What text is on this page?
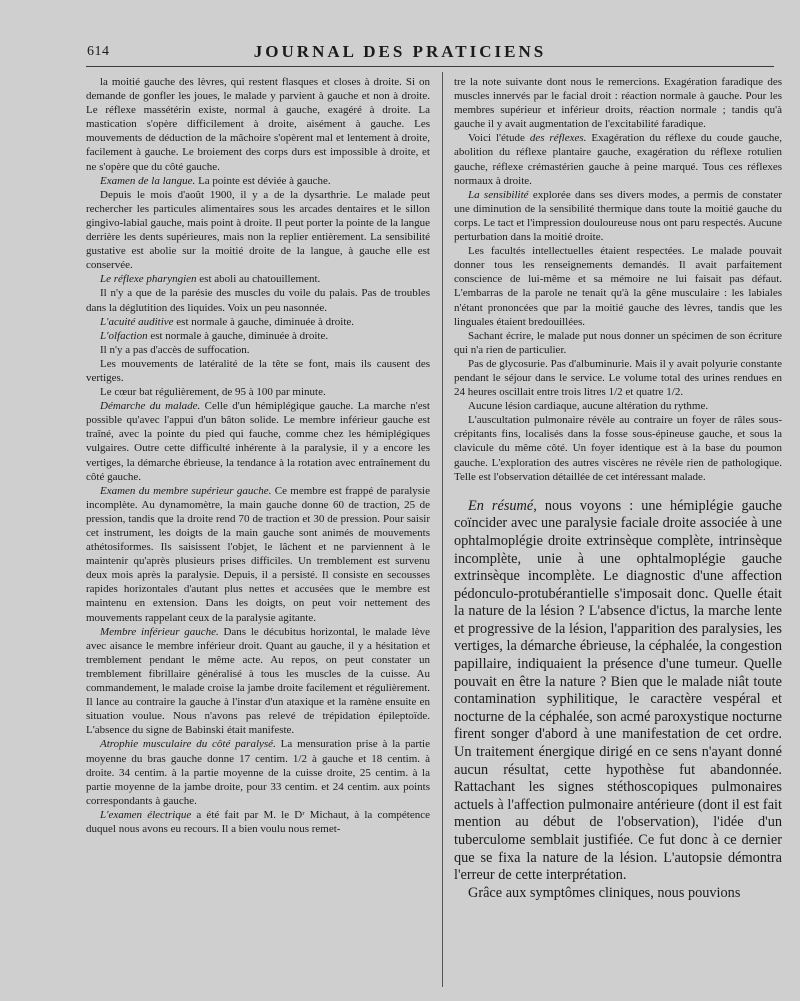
614	JOURNAL DES PRATICIENS

la moitié gauche des lèvres, qui restent flasques et closes à droite. Si on demande de gonfler les joues, le malade y parvient à gauche et non à droite. Le réflexe massétérin existe, normal à gauche, exagéré à droite. La mastication s'opère difficilement à droite, aisément à gauche. Les mouvements de déduction de la mâchoire s'opèrent mal et lentement à droite, facilement à gauche. Le broiement des corps durs est impossible à droite, et ne s'opère que du côté gauche.

Examen de la langue. La pointe est déviée à gauche.

Depuis le mois d'août 1900, il y a de la dysarthrie. Le malade peut rechercher les particules alimentaires sous les arcades dentaires et le sillon gingivo-labial gauche, mais point à droite. Il peut porter la pointe de la langue derrière les dents supérieures, mais non la replier entièrement. La sensibilité gustative est abolie sur la moitié droite de la langue, à gauche elle est conservée.

Le réflexe pharyngien est aboli au chatouillement.

Il n'y a que de la parésie des muscles du voile du palais. Pas de troubles dans la déglutition des liquides. Voix un peu nasonnée.

L'acuité auditive est normale à gauche, diminuée à droite.

L'olfaction est normale à gauche, diminuée à droite.

Il n'y a pas d'accès de suffocation.

Les mouvements de latéralité de la tête se font, mais ils causent des vertiges.

Le cœur bat régulièrement, de 95 à 100 par minute.

Démarche du malade. Celle d'un hémiplégique gauche. La marche n'est possible qu'avec l'appui d'un bâton solide. Le membre inférieur gauche est traîné, avec la pointe du pied qui fauche, comme chez les hémiplégiques vulgaires. Outre cette difficulté inhérente à la paralysie, il y a encore les vertiges, la démarche ébrieuse, la tendance à la rotation avec entraînement du côté gauche.

Examen du membre supérieur gauche. Ce membre est frappé de paralysie incomplète. Au dynamomètre, la main gauche donne 60 de traction, 25 de pression, tandis que la droite rend 70 de traction et 30 de pression. Pour saisir cet instrument, les doigts de la main gauche sont animés de mouvements athétosiformes. Ils saisissent l'objet, le lâchent et ne parviennent à le maintenir qu'après plusieurs prises difficiles. Un tremblement est survenu deux mois après la paralysie. Depuis, il a persisté. Il consiste en secousses rapides horizontales d'autant plus nettes et accusées que le membre est maintenu en extension. Dans les doigts, on peut voir nettement des mouvements rappelant ceux de la paralysie agitante.

Membre inférieur gauche. Dans le décubitus horizontal, le malade lève avec aisance le membre inférieur droit. Quant au gauche, il y a hésitation et tremblement pendant le même acte. Au repos, on peut constater un tremblement fibrillaire généralisé à tous les muscles de la cuisse. Au commandement, le malade croise la jambe droite facilement et régulièrement. Il lance au contraire la gauche à l'instar d'un ataxique et la ramène ensuite en situation voulue. Nous n'avons pas relevé de trépidation épileptoïde. L'absence du signe de Babinski était manifeste.

Atrophie musculaire du côté paralysé. La mensuration prise à la partie moyenne du bras gauche donne 17 centim. 1/2 à gauche et 18 centim. à droite. 34 centim. à la partie moyenne de la cuisse droite, 25 centim. à la partie moyenne de la jambe droite, pour 33 centim. et 24 centim. aux points correspondants à gauche.

L'examen électrique a été fait par M. le Dʳ Michaut, à la compétence duquel nous avons eu recours. Il a bien voulu nous remet-

tre la note suivante dont nous le remercions. Exagération faradique des muscles innervés par le facial droit : réaction normale à gauche. Pour les membres supérieur et inférieur droits, réaction normale ; tandis qu'à gauche il y avait augmentation de l'excitabilité faradique.

Voici l'étude des réflexes. Exagération du réflexe du coude gauche, abolition du réflexe plantaire gauche, exagération du réflexe rotulien gauche, réflexe crémastérien gauche à peine marqué. Tous ces réflexes normaux à droite.

La sensibilité explorée dans ses divers modes, a permis de constater une diminution de la sensibilité thermique dans toute la moitié gauche du corps. Le tact et l'impression douloureuse nous ont paru respectés. Aucune perturbation dans la moitié droite.

Les facultés intellectuelles étaient respectées. Le malade pouvait donner tous les renseignements demandés. Il avait parfaitement conscience de lui-même et sa mémoire ne lui faisait pas défaut. L'embarras de la parole ne tenait qu'à la gêne musculaire : les labiales n'étant prononcées que par la moitié gauche des lèvres, tandis que les linguales étaient bredouillées.

Sachant écrire, le malade put nous donner un spécimen de son écriture qui n'a rien de particulier.

Pas de glycosurie. Pas d'albuminurie. Mais il y avait polyurie constante pendant le séjour dans le service. Le volume total des urines rendues en 24 heures oscillait entre trois litres 1/2 et quatre 1/2.

Aucune lésion cardiaque, aucune altération du rythme.

L'auscultation pulmonaire révèle au contraire un foyer de râles sous-crépitants fins, localisés dans la fosse sous-épineuse gauche, et sous la clavicule du même côté. Un foyer identique est à la base du poumon gauche. L'exploration des autres viscères ne révèle rien de pathologique. Telle est l'observation détaillée de cet intéressant malade.

En résumé, nous voyons : une hémiplégie gauche coïncider avec une paralysie faciale droite associée à une ophtalmoplégie droite extrinsèque complète, intrinsèque incomplète, unie à une ophtalmoplégie gauche extrinsèque incomplète. Le diagnostic d'une affection pédonculo-protubérantielle s'imposait donc. Quelle était la nature de la lésion ? L'absence d'ictus, la marche lente et progressive de la lésion, l'apparition des paralysies, les vertiges, la démarche ébrieuse, la céphalée, la congestion papillaire, indiquaient la présence d'une tumeur. Quelle pouvait en être la nature ? Bien que le malade niât toute contamination syphilitique, le caractère vespéral et nocturne de la céphalée, son acmé paroxystique nocturne firent songer d'abord à une manifestation de cet ordre. Un traitement énergique dirigé en ce sens n'ayant donné aucun résultat, cette hypothèse fut abandonnée. Rattachant les signes stéthoscopiques pulmonaires actuels à l'affection pulmonaire antérieure (dont il est fait mention au début de l'observation), l'idée d'un tuberculome semblait justifiée. Ce fut donc à ce dernier que se fixa la nature de la lésion. L'autopsie démontra l'erreur de cette interprétation.

Grâce aux symptômes cliniques, nous pouvions
